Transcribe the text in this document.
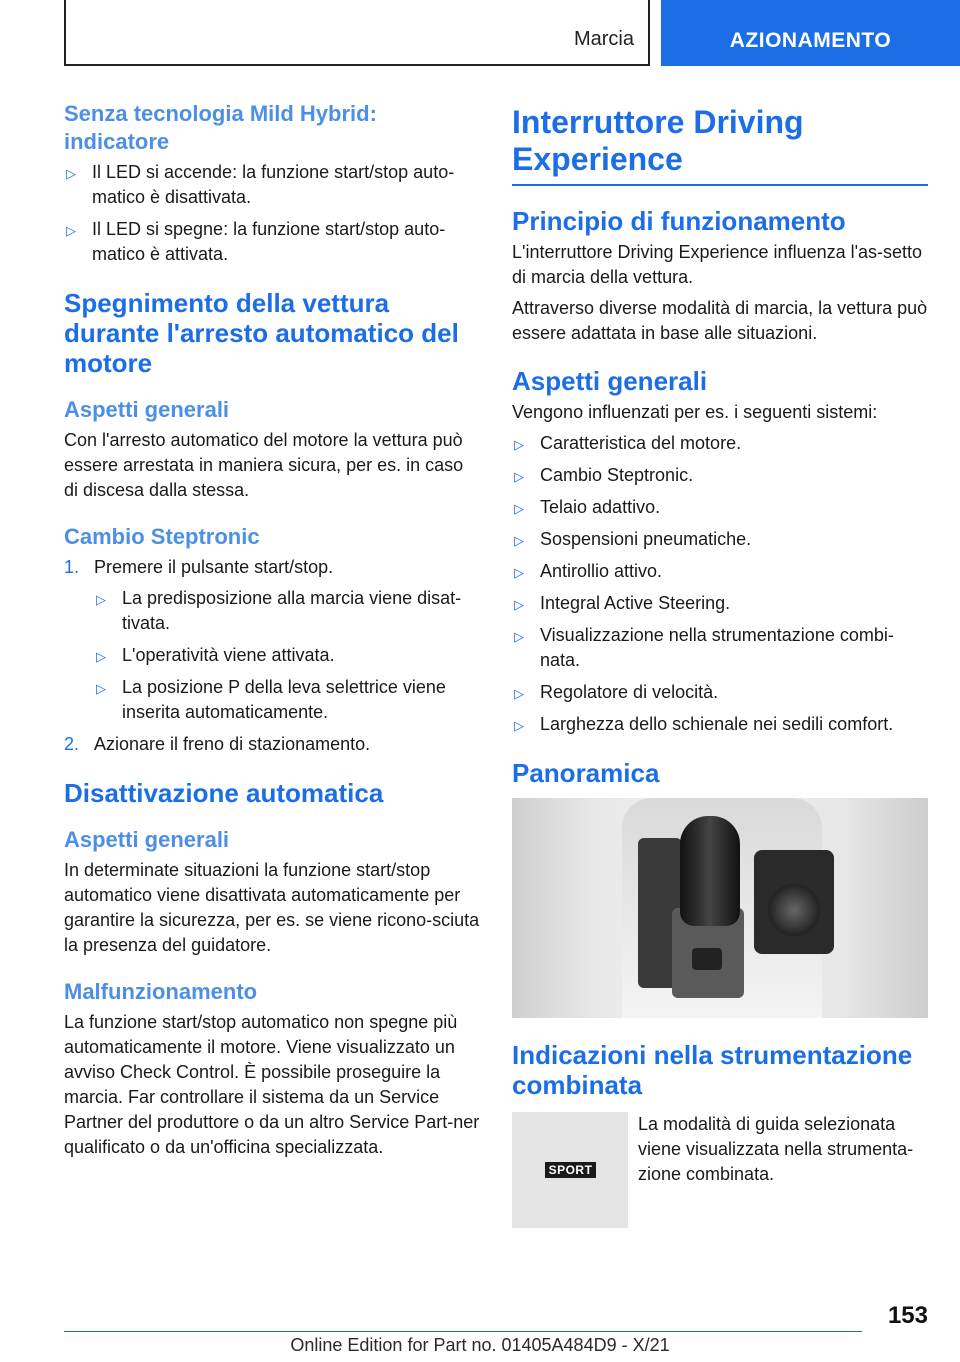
Marcia	AZIONAMENTO
Senza tecnologia Mild Hybrid: indicatore
▷ Il LED si accende: la funzione start/stop auto-matico è disattivata.
▷ Il LED si spegne: la funzione start/stop auto-matico è attivata.
Spegnimento della vettura durante l'arresto automatico del motore
Aspetti generali

Con l'arresto automatico del motore la vettura può essere arrestata in maniera sicura, per es. in caso di discesa dalla stessa.

Cambio Steptronic
1. Premere il pulsante start/stop.
▷ La predisposizione alla marcia viene disat-tivata.
▷ L'operatività viene attivata.
▷ La posizione P della leva selettrice viene inserita automaticamente.
2. Azionare il freno di stazionamento.
Disattivazione automatica
Aspetti generali

In determinate situazioni la funzione start/stop automatico viene disattivata automaticamente per garantire la sicurezza, per es. se viene ricono-sciuta la presenza del guidatore.

Malfunzionamento

La funzione start/stop automatico non spegne più automaticamente il motore. Viene visualizzato un avviso Check Control. È possibile proseguire la marcia. Far controllare il sistema da un Service Partner del produttore o da un altro Service Part-ner qualificato o da un'officina specializzata.

Interruttore Driving Experience
Principio di funzionamento

L'interruttore Driving Experience influenza l'as-setto di marcia della vettura.

Attraverso diverse modalità di marcia, la vettura può essere adattata in base alle situazioni.

Aspetti generali

Vengono influenzati per es. i seguenti sistemi:

▷ Caratteristica del motore.
▷ Cambio Steptronic.
▷ Telaio adattivo.
▷ Sospensioni pneumatiche.
▷ Antirollio attivo.
▷ Integral Active Steering.
▷ Visualizzazione nella strumentazione combi-nata.
▷ Regolatore di velocità.
▷ Larghezza dello schienale nei sedili comfort.
Panoramica
Indicazioni nella strumentazione combinata
SPORT
La modalità di guida selezionata viene visualizzata nella strumenta-zione combinata.
153
Online Edition for Part no. 01405A484D9 - X/21
